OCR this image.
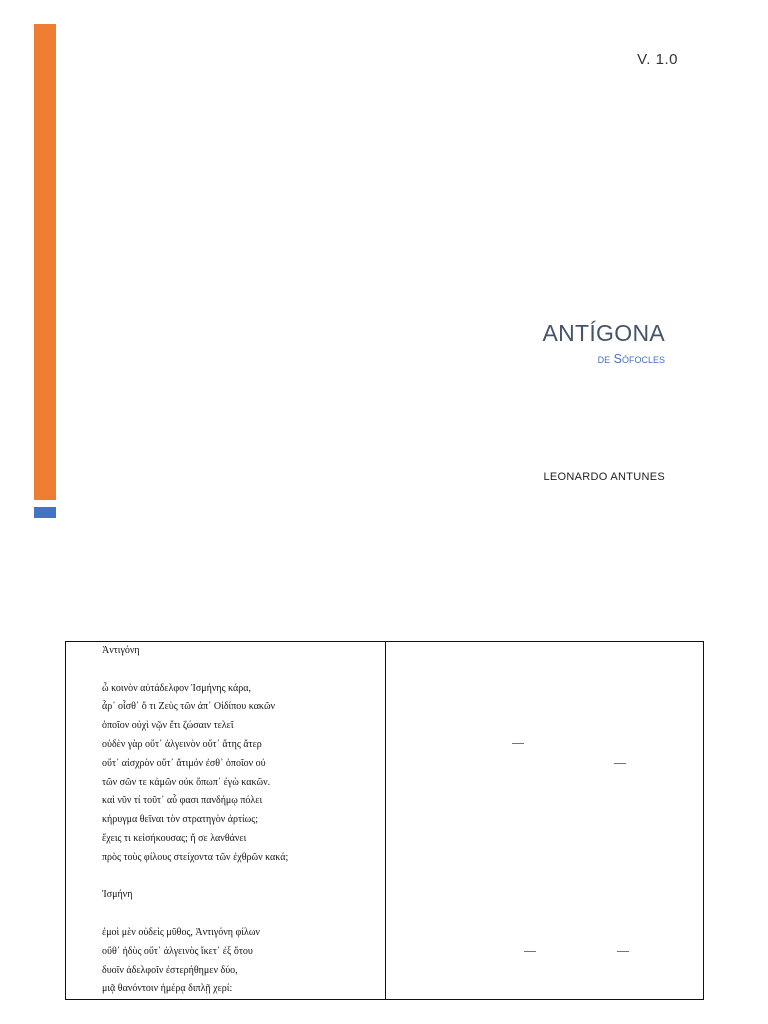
V. 1.0
ANTÍGONA
de Sófocles
LEONARDO ANTUNES
Ἀντιγόνη
ὦ κοινὸν αὐτάδελφον Ἰσμήνης κάρα,
ἆρ᾽ οἶσθ᾽ ὅ τι Ζεὺς τῶν ἀπ᾽ Οἰδίπου κακῶν
ὁποῖον οὐχὶ νῷν ἔτι ζώσαιν τελεῖ
οὐδὲν γὰρ οὔτ᾽ ἀλγεινὸν οὔτ᾽ ἄτης ἄτερ
οὔτ᾽ αἰσχρὸν οὔτ᾽ ἄτιμόν ἐσθ᾽ ὁποῖον οὐ
τῶν σῶν τε κἀμῶν οὐκ ὄπωπ᾽ ἐγὼ κακῶν.
καὶ νῦν τί τοῦτ᾽ αὖ φασι πανδήμῳ πόλει
κήρυγμα θεῖναι τὸν στρατηγὸν ἀρτίως;
ἔχεις τι κεἰσήκουσας; ἤ σε λανθάνει
πρὸς τοὺς φίλους στείχοντα τῶν ἐχθρῶν κακά;
Ἰσμήνη
ἐμοὶ μὲν οὐδεὶς μῦθος, Ἀντιγόνη φίλων
οὔθ᾽ ἡδὺς οὔτ᾽ ἀλγεινὸς ἵκετ᾽ ἐξ ὅτου
δυοῖν ἀδελφοῖν ἐστερήθημεν δύο,
μιᾷ θανόντοιν ἡμέρᾳ διπλῇ χερί:
—
—
—	—
